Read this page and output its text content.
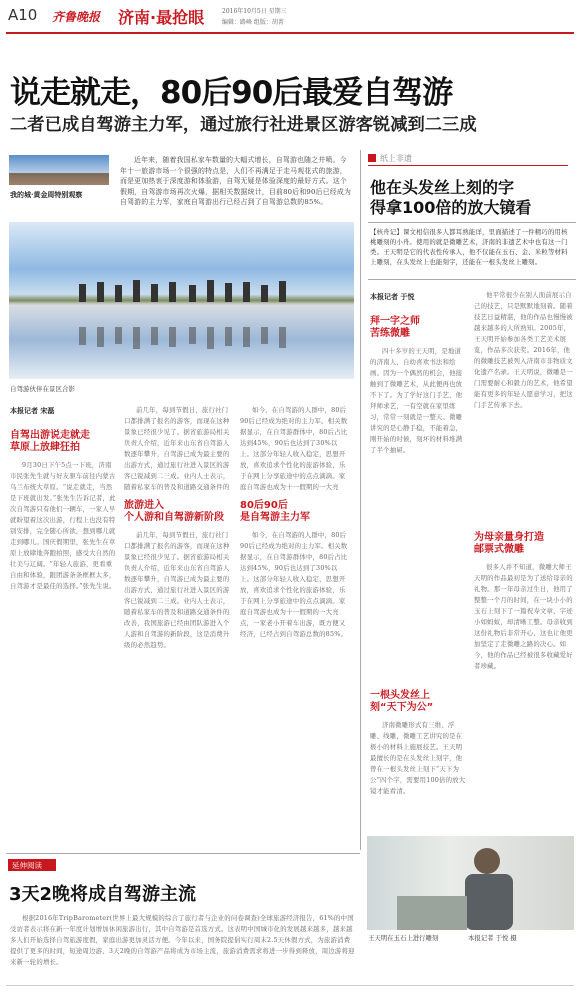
A10 齐鲁晚报 济南·最抢眼	2016年10月5日 星期三
编辑：路峰 组版：胡菁
说走就走，80后90后最爱自驾游
二者已成自驾游主力军，通过旅行社进景区游客锐减到二三成
我的城·黄金周特别观察
近年来，随着我国私家车数量的大幅式增长，自驾游也随之井喷。今年十一旅游市场一个很强的特点是，人们不再满足于走马观花式的旅游，而是更加热衷于深度游和体验游，自驾无疑是体验深度的最好方式。这个假期，自驾游市场再次火爆，据相关数据统计，目前80后和90后已经成为自驾游的主力军，家庭自驾游出行已经占到了自驾游总数的85%。
自驾游伙伴在景区合影
本报记者 宋磊
自驾出游说走就走
草原上放肆狂拍
9月30日下午5点一下班，济南市民张先生就与好友驱车前往内蒙古乌兰布统大草原。“说走就走，当然是下班就出发。”张先生告诉记者，此次自驾游只有他们一辆车，一家人早就盼望着这次出游，行程上也没有特别安排，完全随心所欲，想到哪儿就走到哪儿。国庆假期里，张先生在草原上放肆地奔跑拍照，感受大自然的壮美与辽阔。“年轻人旅游，更看重自由和体验，跟团游条条框框太多，自驾游才是最佳的选择。”张先生说。
前几年，每到节假日，旅行社门口都排满了报名的游客，而现在这种景象已经很少见了。据省旅游局相关负责人介绍，近年来山东省自驾游人数逐年攀升，自驾游已成为最主要的出游方式，通过旅行社进入景区的游客已锐减到二三成。业内人士表示，随着私家车的普及和道路交通条件的
旅游进入
个人游和自驾游新阶段
前几年，每到节假日，旅行社门口都排满了报名的游客，而现在这种景象已经很少见了。据省旅游局相关负责人介绍，近年来山东省自驾游人数逐年攀升，自驾游已成为最主要的出游方式，通过旅行社进入景区的游客已锐减到二三成。业内人士表示，随着私家车的普及和道路交通条件的改善，我国旅游已经由团队游进入个人游和自驾游的新阶段，这是消费升级的必然趋势。
如今，在自驾游的人群中，80后90后已经成为绝对的主力军。相关数据显示，在自驾游群体中，80后占比达到45%，90后也达到了30%以上。这部分年轻人收入稳定，思想开放，喜欢追求个性化的旅游体验，乐于在网上分享旅途中的点点滴滴。家庭自驾游也成为十一假期的一大亮
80后90后
是自驾游主力军
如今，在自驾游的人群中，80后90后已经成为绝对的主力军。相关数据显示，在自驾游群体中，80后占比达到45%，90后也达到了30%以上。这部分年轻人收入稳定，思想开放，喜欢追求个性化的旅游体验，乐于在网上分享旅途中的点点滴滴。家庭自驾游也成为十一假期的一大亮点，一家老小开着车出游，既方便又经济，已经占到自驾游总数的85%。
纸上非遗
他在头发丝上刻的字
得拿100倍的放大镜看
【核舟记】课文相信很多人都耳熟能详，里面描述了一件精巧的用核桃雕刻的小舟。使用的就是微雕艺术，济南的非遗艺术中也有这一门类。王天明是它的代表性传承人，他不仅能在玉石、金、米粒等材料上雕刻，在头发丝上也能刻字，还能在一根头发丝上雕刻。
本报记者 于悦
拜一字之师
苦练微雕
四十多岁的王天明，是地道的济南人，自幼喜欢书法和绘画。因为一个偶然的机会，他接触到了微雕艺术，从此便再也放不下了。为了学好这门手艺，他拜师求艺，一有空就在家里练习，常常一刻就是一整天。微雕讲究的是心静手稳，不能着急，刚开始的时候，刻坏的材料堆满了半个抽屉。
他平常很少在别人面前展示自己的技艺，只是默默地刻着。随着技艺日益精湛，他的作品也慢慢被越来越多的人所熟知。2005年，王天明开始参加各类工艺美术展览，作品多次获奖。2016年，他的微雕技艺被列入济南市非物质文化遗产名录。王天明说，微雕是一门需要耐心和毅力的艺术，他希望能有更多的年轻人愿意学习，把这门手艺传承下去。
为母亲量身打造
邮票式微雕
很多人并不知道，微雕大师王天明的作品最初是为了送给母亲的礼物。那一年母亲过生日，他用了整整一个月的时间，在一块小小的玉石上刻下了一篇祝寿文章，字迹小如蚂蚁，却清晰工整。母亲收到这份礼物后非常开心，这也让他更加坚定了走微雕之路的决心。如今，他的作品已经被很多收藏爱好者珍藏。
一根头发丝上
刻“天下为公”
济南微雕形式有三维、浮雕、线雕，微雕工艺讲究的是在极小的材料上施展技艺。王天明最擅长的是在头发丝上刻字，他曾在一根头发丝上刻下“天下为公”四个字，需要用100倍的放大镜才能看清。
王天明在玉石上进行雕刻	本报记者 于悦 摄
延伸阅读
3天2晚将成自驾游主流
根据2016年TripBarometer(世界上最大规模的综合了旅行者与企业的问卷调查)全球旅游经济报告，61%的中国受访者表示将在新一年度计划增加休闲旅游出行，其中自驾游是首选方式。这表明中国城市化的发展越来越多，越来越多人们开始选择自驾旅游度假，家庭出游更加灵活方便。今年以来，国务院提倡实行周末2.5天休假方式，为旅游消费提供了更多的时间，短途周边游、3天2晚的自驾游产品将成为市场主流，旅游消费需求将进一步得到释放，周边游将迎来新一轮的增长。
